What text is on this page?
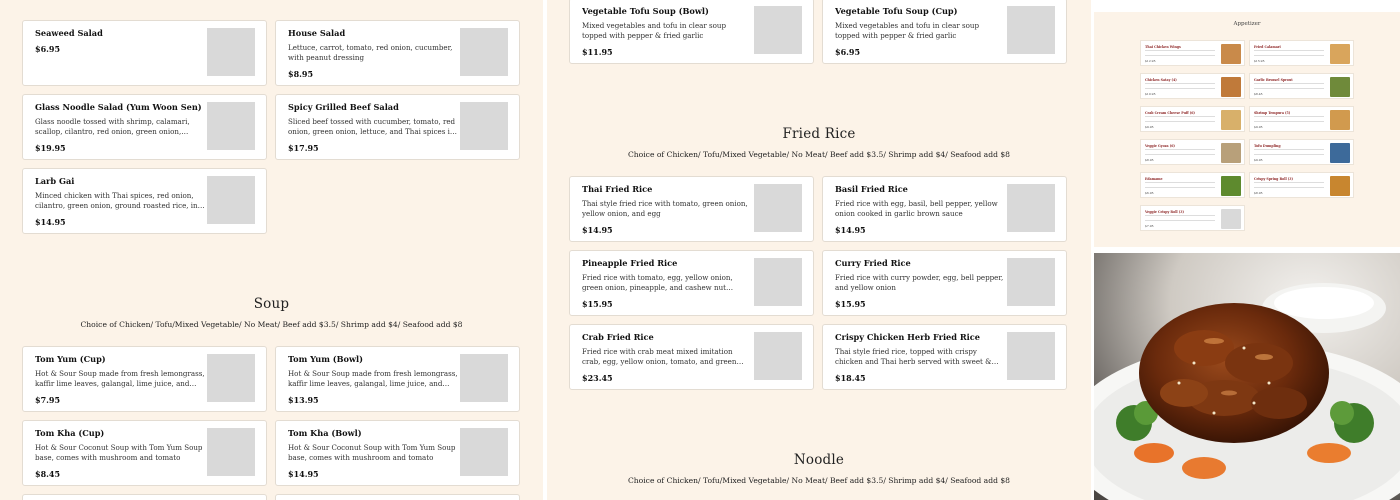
Seaweed Salad
$6.95
House Salad
Lettuce, carrot, tomato, red onion, cucumber, with peanut dressing
$8.95
Glass Noodle Salad (Yum Woon Sen)
Glass noodle tossed with shrimp, calamari, scallop, cilantro, red onion, green onion,
$19.95
Spicy Grilled Beef Salad
Sliced beef tossed with cucumber, tomato, red onion, green onion, lettuce, and Thai spices in
$17.95
Larb Gai
Minced chicken with Thai spices, red onion, cilantro, green onion, ground roasted rice, in
$14.95
Soup
Choice of Chicken/ Tofu/Mixed Vegetable/ No Meat/ Beef add $3.5/ Shrimp add $4/ Seafood add $8
Tom Yum (Cup)
Hot & Sour Soup made from fresh lemongrass, kaffir lime leaves, galangal, lime juice, and
$7.95
Tom Yum (Bowl)
Hot & Sour Soup made from fresh lemongrass, kaffir lime leaves, galangal, lime juice, and
$13.95
Tom Kha (Cup)
Hot & Sour Coconut Soup with Tom Yum Soup base, comes with mushroom and tomato
$8.45
Tom Kha (Bowl)
Hot & Sour Coconut Soup with Tom Yum Soup base, comes with mushroom and tomato
$14.95
Vegetable Tofu Soup (Bowl)
Mixed vegetables and tofu in clear soup topped with pepper & fried garlic
$11.95
Vegetable Tofu Soup (Cup)
Mixed vegetables and tofu in clear soup topped with pepper & fried garlic
$6.95
Fried Rice
Choice of Chicken/ Tofu/Mixed Vegetable/ No Meat/ Beef add $3.5/ Shrimp add $4/ Seafood add $8
Thai Fried Rice
Thai style fried rice with tomato, green onion, yellow onion, and egg
$14.95
Basil Fried Rice
Fried rice with egg, basil, bell pepper, yellow onion cooked in garlic brown sauce
$14.95
Pineapple Fried Rice
Fried rice with tomato, egg, yellow onion, green onion, pineapple, and cashew nut
$15.95
Curry Fried Rice
Fried rice with curry powder, egg, bell pepper, and yellow onion
$15.95
Crab Fried Rice
Fried rice with crab meat mixed imitation crab, egg, yellow onion, tomato, and green
$23.45
Crispy Chicken Herb Fried Rice
Thai style fried rice, topped with crispy chicken and Thai herb served with sweet &
$18.45
Noodle
Choice of Chicken/ Tofu/Mixed Vegetable/ No Meat/ Beef add $3.5/ Shrimp add $4/ Seafood add $8
Appetizer
Thai Chicken Wings
$12.95
Fried Calamari
$15.95
Chicken Satay (4)
$10.95
Garlic Brussel Sprout
$8.45
Crab Cream Cheese Puff (6)
$9.95
Shrimp Tempura (5)
$9.95
Veggie Gyoza (6)
$8.95
Tofu Dumpling
$9.95
Edamame
$6.95
Crispy Spring Roll (3)
$8.95
Veggie Crispy Roll (3)
$7.95
